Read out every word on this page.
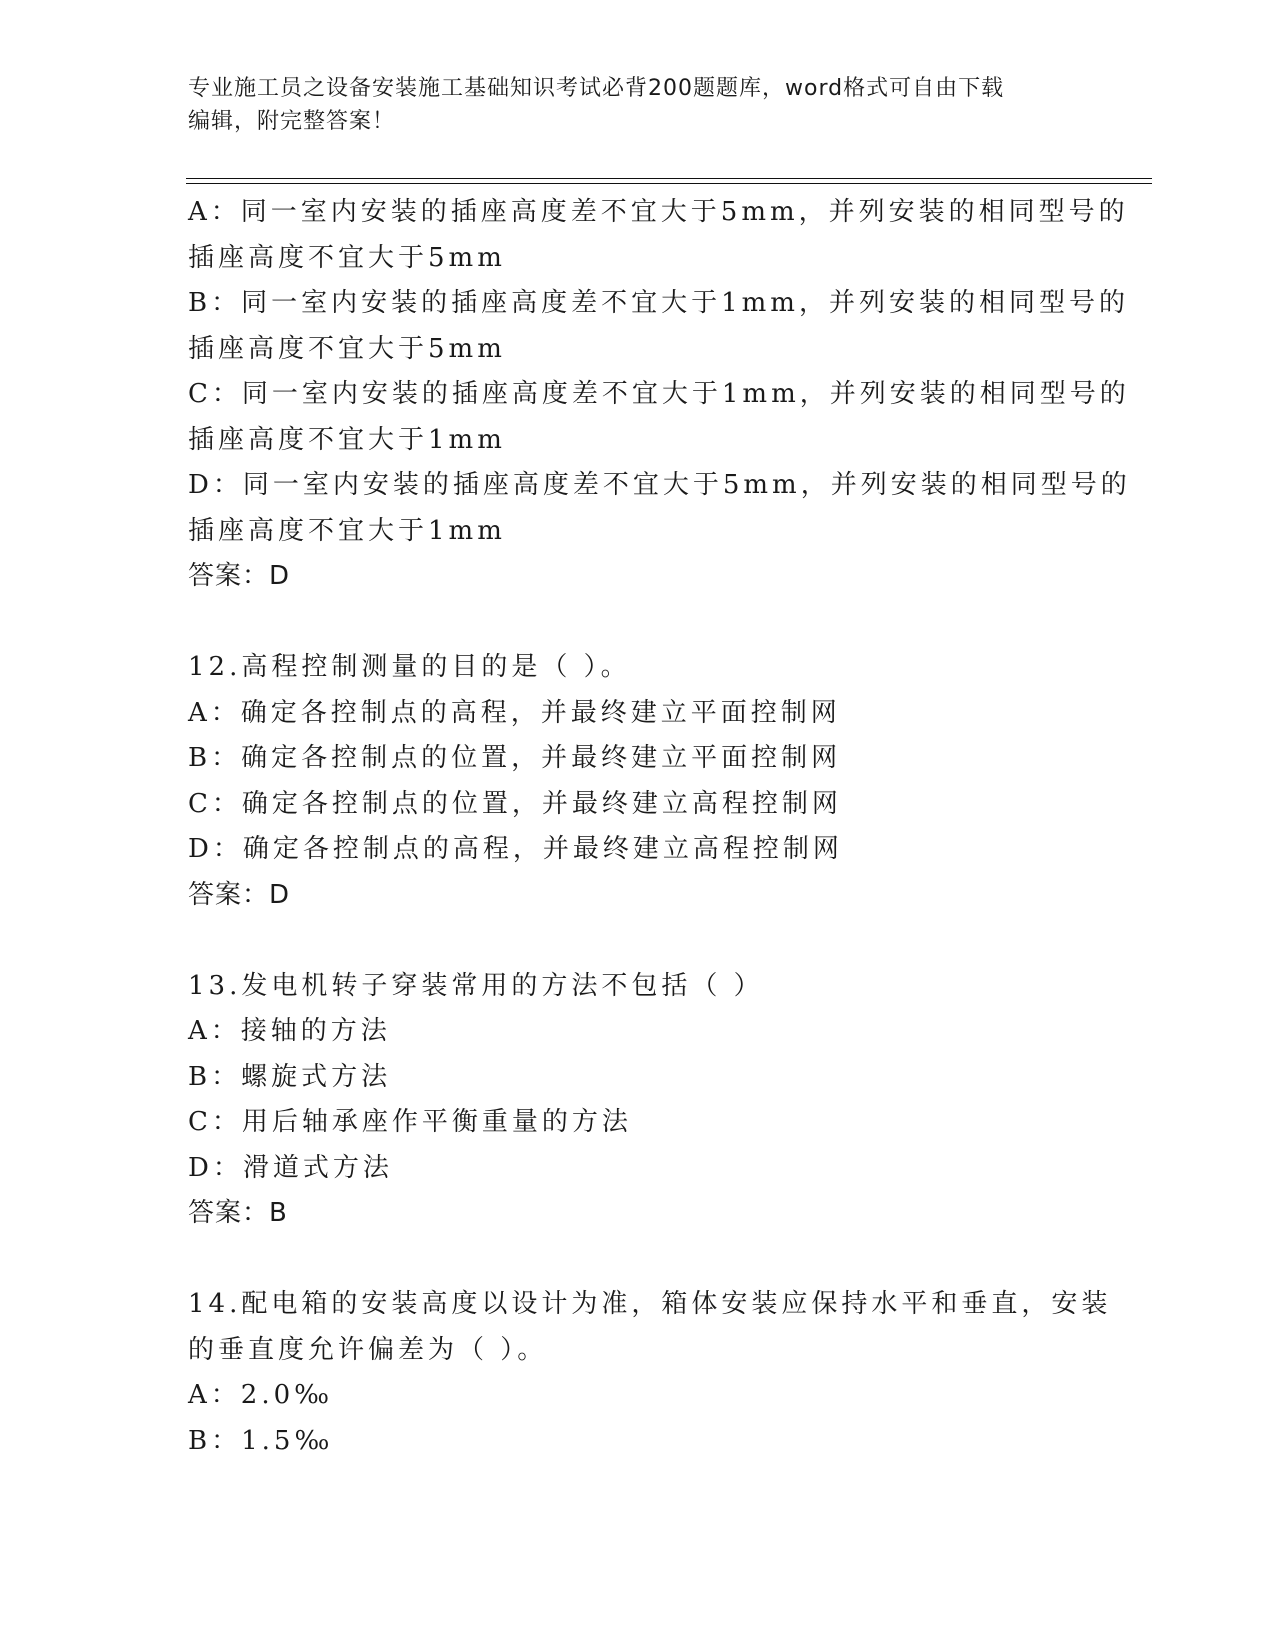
专业施工员之设备安装施工基础知识考试必背200题题库，word格式可自由下载
编辑，附完整答案！
A：同一室内安装的插座高度差不宜大于5mm，并列安装的相同型号的
插座高度不宜大于5mm
B：同一室内安装的插座高度差不宜大于1mm，并列安装的相同型号的
插座高度不宜大于5mm
C：同一室内安装的插座高度差不宜大于1mm，并列安装的相同型号的
插座高度不宜大于1mm
D：同一室内安装的插座高度差不宜大于5mm，并列安装的相同型号的
插座高度不宜大于1mm
答案：D
12.高程控制测量的目的是（ ）。
A：确定各控制点的高程，并最终建立平面控制网
B：确定各控制点的位置，并最终建立平面控制网
C：确定各控制点的位置，并最终建立高程控制网
D：确定各控制点的高程，并最终建立高程控制网
答案：D
13.发电机转子穿装常用的方法不包括（ ）
A：接轴的方法
B：螺旋式方法
C：用后轴承座作平衡重量的方法
D：滑道式方法
答案：B
14.配电箱的安装高度以设计为准，箱体安装应保持水平和垂直，安装
的垂直度允许偏差为（ ）。
A：2.0‰
B：1.5‰
